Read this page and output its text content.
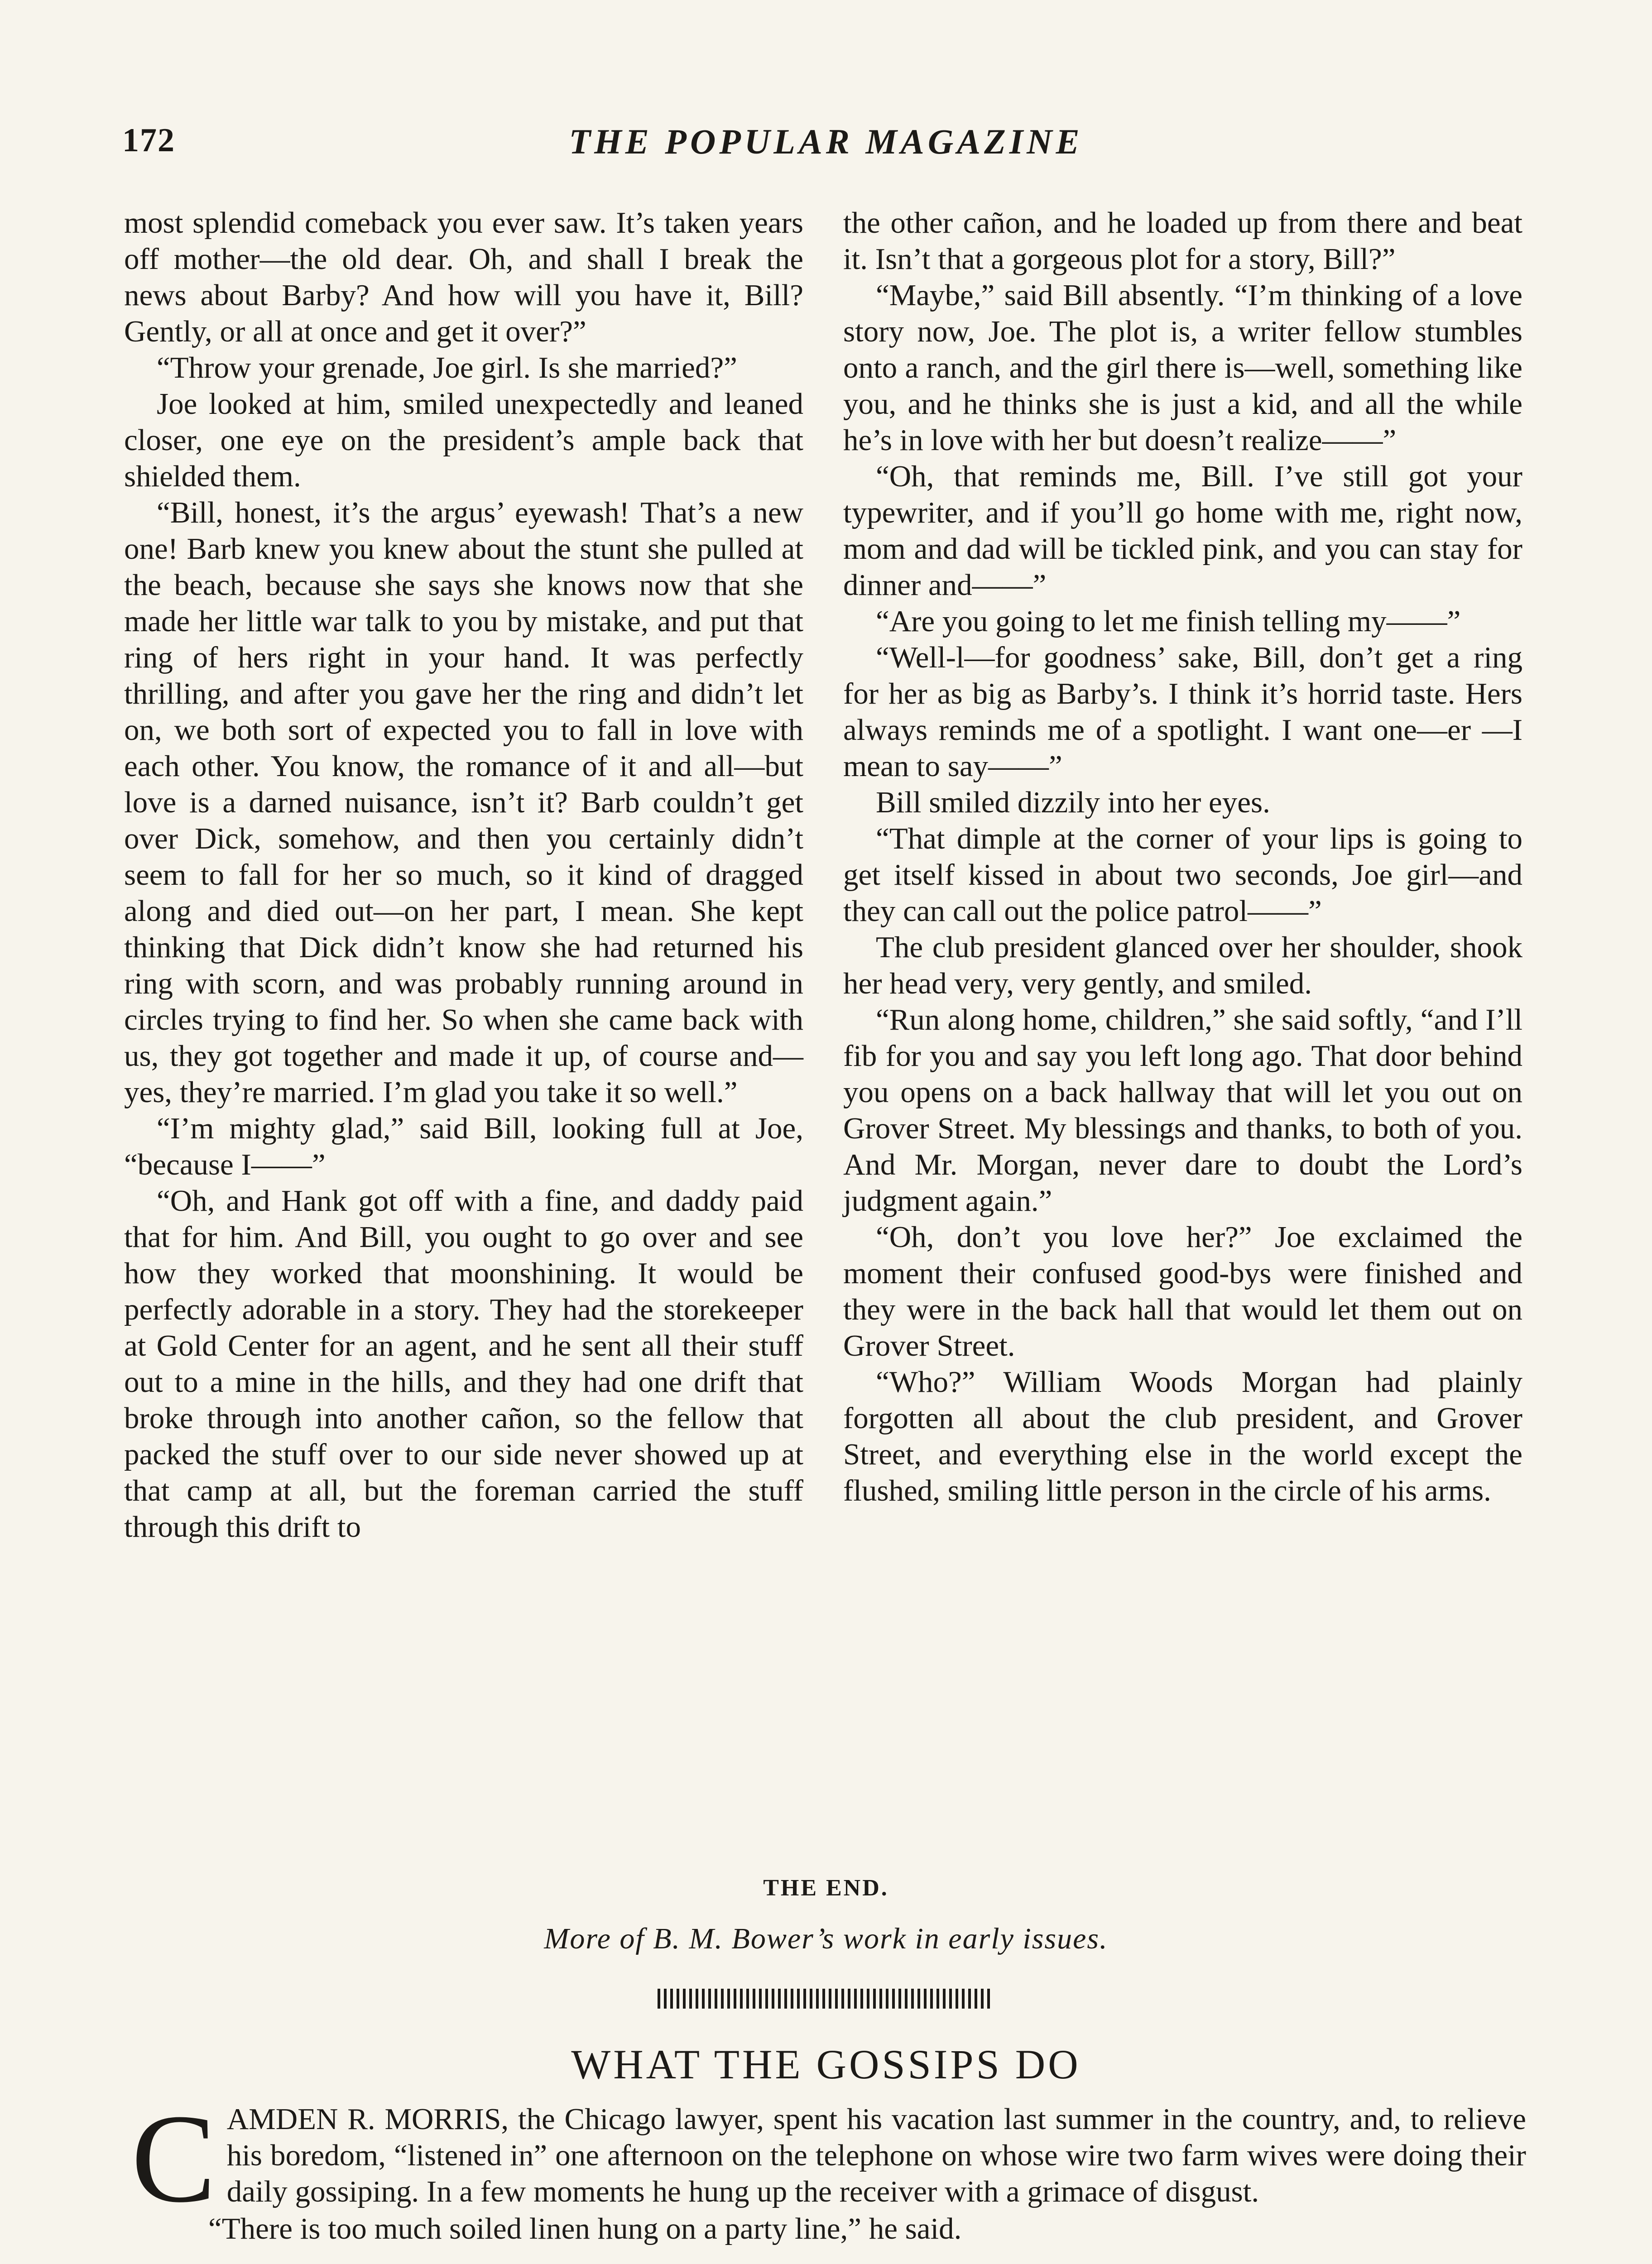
172	THE POPULAR MAGAZINE

most splendid comeback you ever saw. It’s taken years off mother—the old dear. Oh, and shall I break the news about Barby? And how will you have it, Bill? Gently, or all at once and get it over?”

“Throw your grenade, Joe girl. Is she married?”

Joe looked at him, smiled unexpectedly and leaned closer, one eye on the president’s ample back that shielded them.

“Bill, honest, it’s the argus’ eyewash! That’s a new one! Barb knew you knew about the stunt she pulled at the beach, because she says she knows now that she made her little war talk to you by mistake, and put that ring of hers right in your hand. It was perfectly thrilling, and after you gave her the ring and didn’t let on, we both sort of expected you to fall in love with each other. You know, the romance of it and all—but love is a darned nuisance, isn’t it? Barb couldn’t get over Dick, somehow, and then you certainly didn’t seem to fall for her so much, so it kind of dragged along and died out—on her part, I mean. She kept thinking that Dick didn’t know she had returned his ring with scorn, and was probably running around in circles trying to find her. So when she came back with us, they got together and made it up, of course and—yes, they’re married. I’m glad you take it so well.”

“I’m mighty glad,” said Bill, looking full at Joe, “because I——”

“Oh, and Hank got off with a fine, and daddy paid that for him. And Bill, you ought to go over and see how they worked that moonshining. It would be perfectly adorable in a story. They had the storekeeper at Gold Center for an agent, and he sent all their stuff out to a mine in the hills, and they had one drift that broke through into another cañon, so the fellow that packed the stuff over to our side never showed up at that camp at all, but the foreman carried the stuff through this drift to

the other cañon, and he loaded up from there and beat it. Isn’t that a gorgeous plot for a story, Bill?”

“Maybe,” said Bill absently. “I’m thinking of a love story now, Joe. The plot is, a writer fellow stumbles onto a ranch, and the girl there is—well, something like you, and he thinks she is just a kid, and all the while he’s in love with her but doesn’t realize——”

“Oh, that reminds me, Bill. I’ve still got your typewriter, and if you’ll go home with me, right now, mom and dad will be tickled pink, and you can stay for dinner and——”

“Are you going to let me finish telling my——”

“Well-l—for goodness’ sake, Bill, don’t get a ring for her as big as Barby’s. I think it’s horrid taste. Hers always reminds me of a spotlight. I want one—er —I mean to say——”

Bill smiled dizzily into her eyes.

“That dimple at the corner of your lips is going to get itself kissed in about two seconds, Joe girl—and they can call out the police patrol——”

The club president glanced over her shoulder, shook her head very, very gently, and smiled.

“Run along home, children,” she said softly, “and I’ll fib for you and say you left long ago. That door behind you opens on a back hallway that will let you out on Grover Street. My blessings and thanks, to both of you. And Mr. Morgan, never dare to doubt the Lord’s judgment again.”

“Oh, don’t you love her?” Joe exclaimed the moment their confused good-bys were finished and they were in the back hall that would let them out on Grover Street.

“Who?” William Woods Morgan had plainly forgotten all about the club president, and Grover Street, and everything else in the world except the flushed, smiling little person in the circle of his arms.

THE END.
More of B. M. Bower’s work in early issues.
WHAT THE GOSSIPS DO

CAMDEN R. MORRIS, the Chicago lawyer, spent his vacation last summer in the country, and, to relieve his boredom, “listened in” one afternoon on the telephone on whose wire two farm wives were doing their daily gossiping. In a few moments he hung up the receiver with a grimace of disgust.

“There is too much soiled linen hung on a party line,” he said.
